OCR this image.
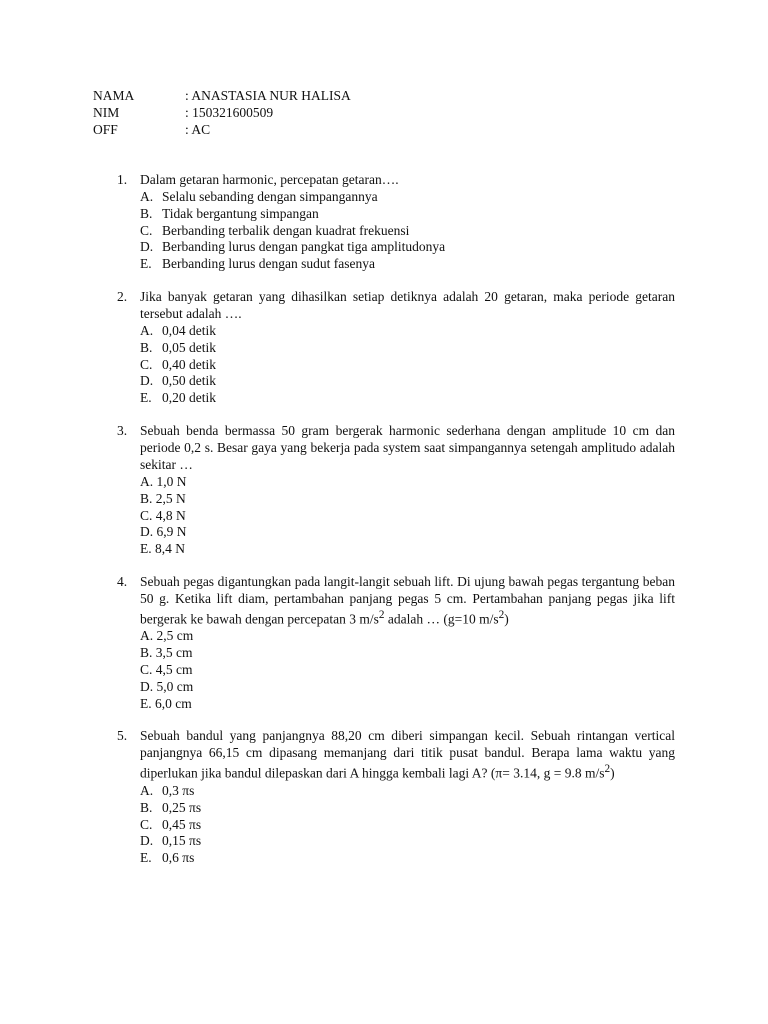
NAMA	: ANASTASIA NUR HALISA
NIM	: 150321600509
OFF	: AC
1. Dalam getaran harmonic, percepatan getaran….
A. Selalu sebanding dengan simpangannya
B. Tidak bergantung simpangan
C. Berbanding terbalik dengan kuadrat frekuensi
D. Berbanding lurus dengan pangkat tiga amplitudonya
E. Berbanding lurus dengan sudut fasenya
2. Jika banyak getaran yang dihasilkan setiap detiknya adalah 20 getaran, maka periode getaran tersebut adalah ….
A. 0,04 detik
B. 0,05 detik
C. 0,40 detik
D. 0,50 detik
E. 0,20 detik
3. Sebuah benda bermassa 50 gram bergerak harmonic sederhana dengan amplitude 10 cm dan periode 0,2 s. Besar gaya yang bekerja pada system saat simpangannya setengah amplitudo adalah sekitar …
A.
1,0 N
B.
2,5 N
C.
4,8 N
D.
6,9 N
E.
8,4 N
4. Sebuah pegas digantungkan pada langit-langit sebuah lift. Di ujung bawah pegas tergantung beban 50 g. Ketika lift diam, pertambahan panjang pegas 5 cm. Pertambahan panjang pegas jika lift bergerak ke bawah dengan percepatan 3 $m/s^2$ adalah … (g=10 $m/s^2$)
A.
2,5 cm
B.
3,5 cm
C.
4,5 cm
D.
5,0 cm
E.
6,0 cm
5. Sebuah bandul yang panjangnya 88,20 cm diberi simpangan kecil. Sebuah rintangan vertical panjangnya 66,15 cm dipasang memanjang dari titik pusat bandul. Berapa lama waktu yang diperlukan jika bandul dilepaskan dari A hingga kembali lagi A? (π= 3.14, g = 9.8 $m/s^2$)
A. 0,3 πs
B. 0,25 πs
C. 0,45 πs
D. 0,15 πs
E. 0,6 πs
